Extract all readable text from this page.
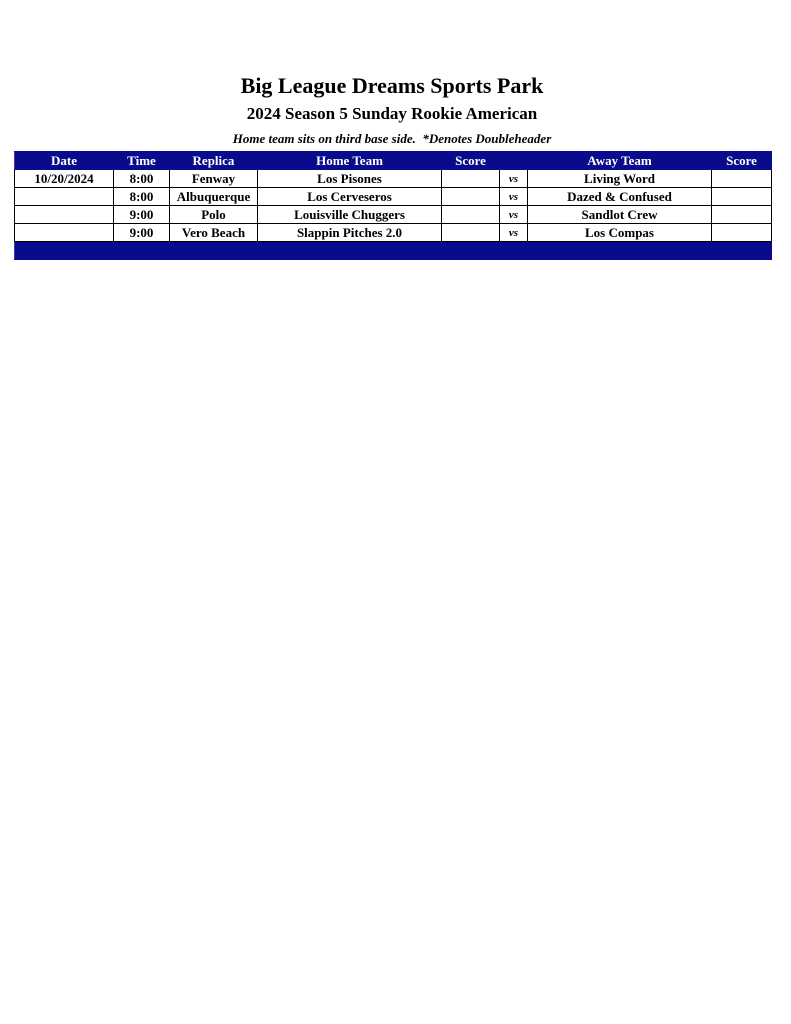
Big League Dreams Sports Park
2024 Season 5 Sunday Rookie American
Home team sits on third base side.  *Denotes Doubleheader
Date	Time	Replica	Home Team	Score		Away Team	Score
10/20/2024	8:00	Fenway	Los Pisones		vs	Living Word	
	8:00	Albuquerque	Los Cerveseros		vs	Dazed & Confused	
	9:00	Polo	Louisville Chuggers		vs	Sandlot Crew	
	9:00	Vero Beach	Slappin Pitches 2.0		vs	Los Compas	
